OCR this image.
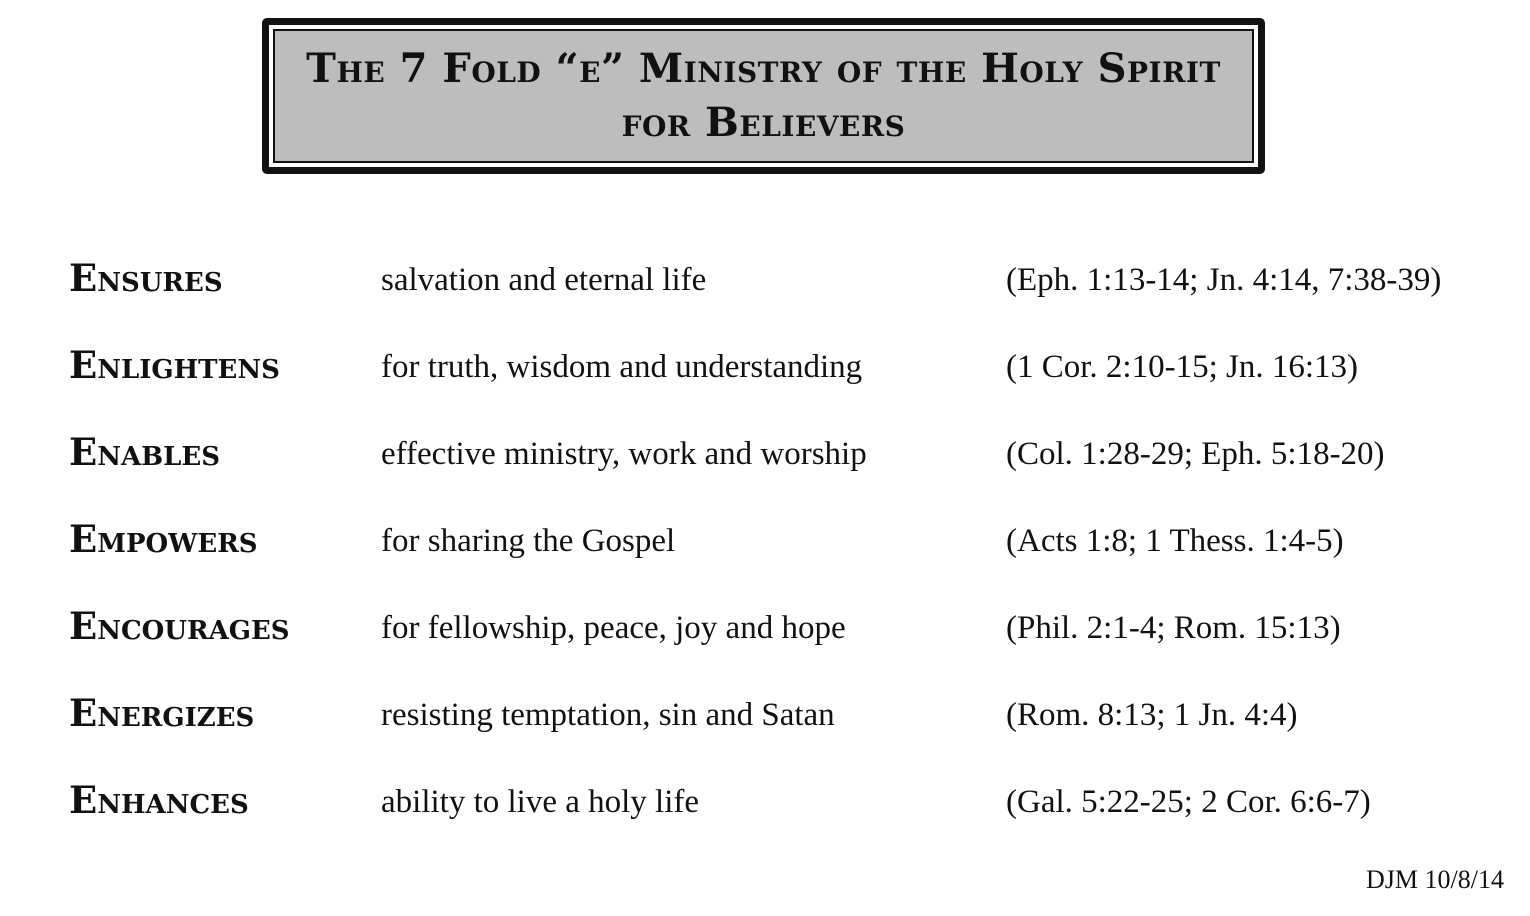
The 7 Fold “e” Ministry of the Holy Spirit
for Believers
Ensures	salvation and eternal life	(Eph. 1:13-14; Jn. 4:14, 7:38-39)
Enlightens	for truth, wisdom and understanding	(1 Cor. 2:10-15; Jn. 16:13)
Enables	effective ministry, work and worship	(Col. 1:28-29; Eph. 5:18-20)
Empowers	for sharing the Gospel	(Acts 1:8; 1 Thess. 1:4-5)
Encourages	for fellowship, peace, joy and hope	(Phil. 2:1-4; Rom. 15:13)
Energizes	resisting temptation, sin and Satan	(Rom. 8:13; 1 Jn. 4:4)
Enhances	ability to live a holy life	(Gal. 5:22-25; 2 Cor. 6:6-7)
DJM 10/8/14
